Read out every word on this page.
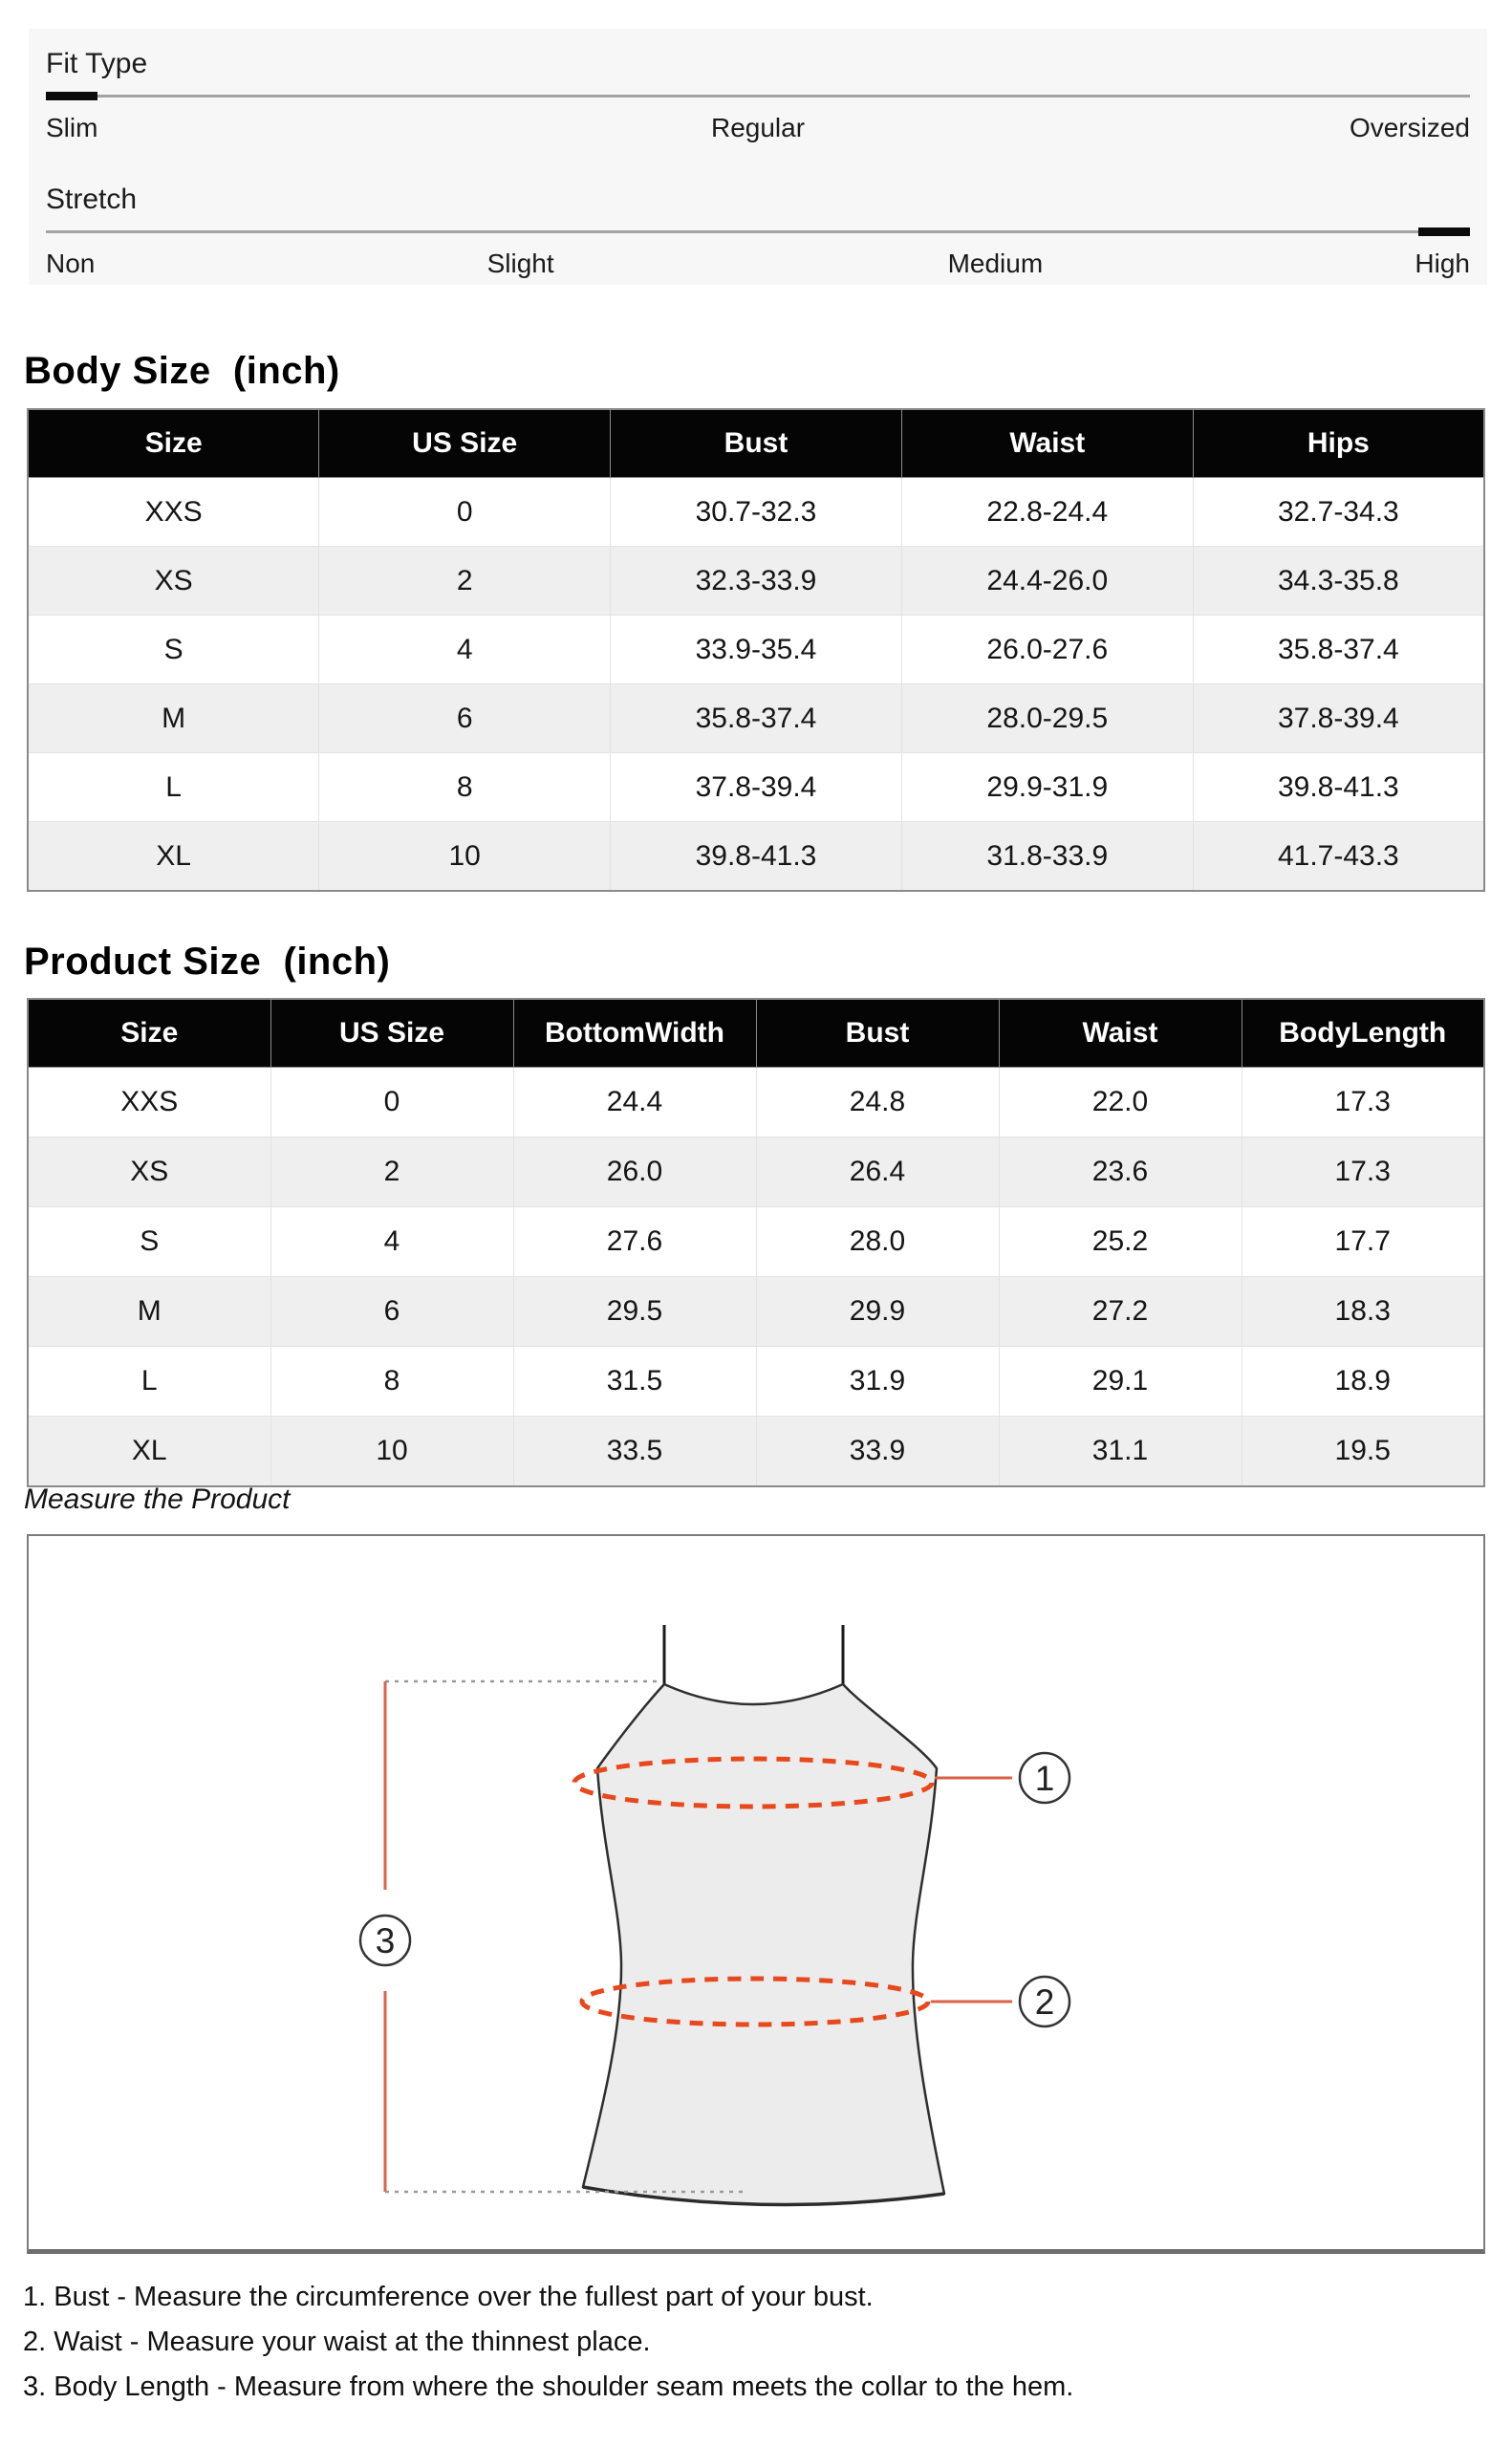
Fit Type
Slim	Regular	Oversized
Stretch
Non	Slight	Medium	High
Body Size  (inch)
Size	US Size	Bust	Waist	Hips
XXS	0	30.7-32.3	22.8-24.4	32.7-34.3
XS	2	32.3-33.9	24.4-26.0	34.3-35.8
S	4	33.9-35.4	26.0-27.6	35.8-37.4
M	6	35.8-37.4	28.0-29.5	37.8-39.4
L	8	37.8-39.4	29.9-31.9	39.8-41.3
XL	10	39.8-41.3	31.8-33.9	41.7-43.3
Product Size  (inch)
Size	US Size	BottomWidth	Bust	Waist	BodyLength
XXS	0	24.4	24.8	22.0	17.3
XS	2	26.0	26.4	23.6	17.3
S	4	27.6	28.0	25.2	17.7
M	6	29.5	29.9	27.2	18.3
L	8	31.5	31.9	29.1	18.9
XL	10	33.5	33.9	31.1	19.5
Measure the Product
1
2
3
1. Bust - Measure the circumference over the fullest part of your bust.
2. Waist - Measure your waist at the thinnest place.
3. Body Length - Measure from where the shoulder seam meets the collar to the hem.
